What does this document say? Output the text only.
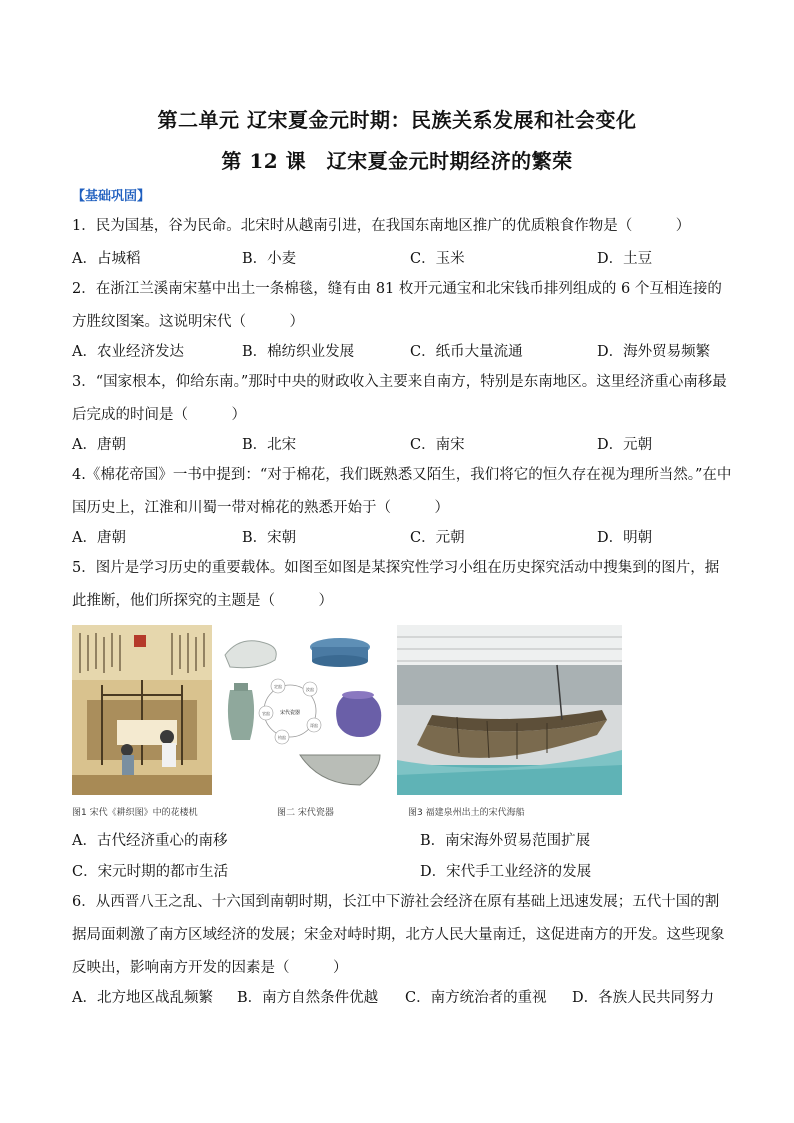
第二单元 辽宋夏金元时期：民族关系发展和社会变化
第 12 课　辽宋夏金元时期经济的繁荣
【基础巩固】
1．民为国基，谷为民命。北宋时从越南引进，在我国东南地区推广的优质粮食作物是（　　　）
A．占城稻	B．小麦	C．玉米	D．土豆
2．在浙江兰溪南宋墓中出土一条棉毯，缝有由 81 枚开元通宝和北宋钱币排列组成的 6 个互相连接的方胜纹图案。这说明宋代（　　　）
A．农业经济发达	B．棉纺织业发展	C．纸币大量流通	D．海外贸易频繁
3．“国家根本，仰给东南。”那时中央的财政收入主要来自南方，特别是东南地区。这里经济重心南移最后完成的时间是（　　　）
A．唐朝	B．北宋	C．南宋	D．元朝
4.《棉花帝国》一书中提到：“对于棉花，我们既熟悉又陌生，我们将它的恒久存在视为理所当然。”在中国历史上，江淮和川蜀一带对棉花的熟悉开始于（　　　）
A．唐朝	B．宋朝	C．元朝	D．明朝
5．图片是学习历史的重要载体。如图至如图是某探究性学习小组在历史探究活动中搜集到的图片，据此推断，他们所探究的主题是（　　　）
宋代瓷器
定窑
汝窑
官窑
哥窑
钧窑
图1 宋代《耕织图》中的花楼机	图二 宋代瓷器	图3 福建泉州出土的宋代海船
A．古代经济重心的南移	B．南宋海外贸易范围扩展
C．宋元时期的都市生活	D．宋代手工业经济的发展
6．从西晋八王之乱、十六国到南朝时期，长江中下游社会经济在原有基础上迅速发展；五代十国的割据局面刺激了南方区域经济的发展；宋金对峙时期，北方人民大量南迁，这促进南方的开发。这些现象反映出，影响南方开发的因素是（　　　）
A．北方地区战乱频繁 B．南方自然条件优越 C．南方统治者的重视 D．各族人民共同努力
